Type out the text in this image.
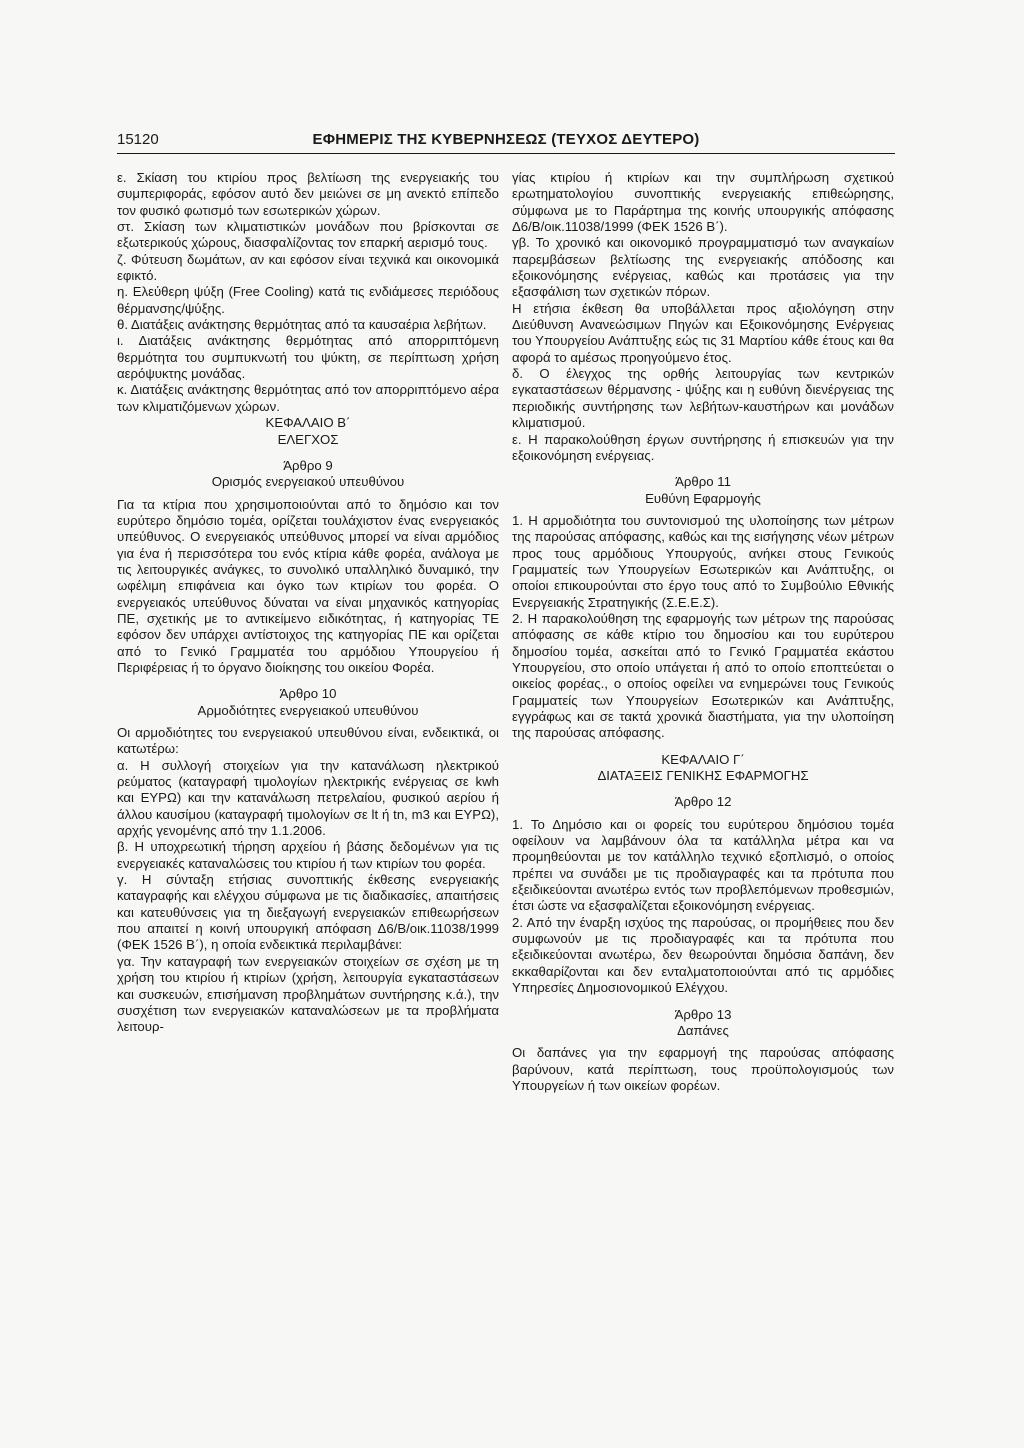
15120	ΕΦΗΜΕΡΙΣ ΤΗΣ ΚΥΒΕΡΝΗΣΕΩΣ (ΤΕΥΧΟΣ ΔΕΥΤΕΡΟ)

ε. Σκίαση του κτιρίου προς βελτίωση της ενεργειακής του συμπεριφοράς, εφόσον αυτό δεν μειώνει σε μη ανεκτό επίπεδο τον φυσικό φωτισμό των εσωτερικών χώρων.

στ. Σκίαση των κλιματιστικών μονάδων που βρίσκονται σε εξωτερικούς χώρους, διασφαλίζοντας τον επαρκή αερισμό τους.

ζ. Φύτευση δωμάτων, αν και εφόσον είναι τεχνικά και οικονομικά εφικτό.

η. Ελεύθερη ψύξη (Free Cooling) κατά τις ενδιάμεσες περιόδους θέρμανσης/ψύξης.

θ. Διατάξεις ανάκτησης θερμότητας από τα καυσαέρια λεβήτων.

ι. Διατάξεις ανάκτησης θερμότητας από απορριπτόμενη θερμότητα του συμπυκνωτή του ψύκτη, σε περίπτωση χρήση αερόψυκτης μονάδας.

κ. Διατάξεις ανάκτησης θερμότητας από τον απορριπτόμενο αέρα των κλιματιζόμενων χώρων.

ΚΕΦΑΛΑΙΟ Β΄

ΕΛΕΓΧΟΣ

Άρθρο 9

Ορισμός ενεργειακού υπευθύνου

Για τα κτίρια που χρησιμοποιούνται από το δημόσιο και τον ευρύτερο δημόσιο τομέα, ορίζεται τουλάχιστον ένας ενεργειακός υπεύθυνος. Ο ενεργειακός υπεύθυνος μπορεί να είναι αρμόδιος για ένα ή περισσότερα του ενός κτίρια κάθε φορέα, ανάλογα με τις λειτουργικές ανάγκες, το συνολικό υπαλληλικό δυναμικό, την ωφέλιμη επιφάνεια και όγκο των κτιρίων του φορέα. Ο ενεργειακός υπεύθυνος δύναται να είναι μηχανικός κατηγορίας ΠΕ, σχετικής με το αντικείμενο ειδικότητας, ή κατηγορίας ΤΕ εφόσον δεν υπάρχει αντίστοιχος της κατηγορίας ΠΕ και ορίζεται από το Γενικό Γραμματέα του αρμόδιου Υπουργείου ή Περιφέρειας ή το όργανο διοίκησης του οικείου Φορέα.

Άρθρο 10

Αρμοδιότητες ενεργειακού υπευθύνου

Οι αρμοδιότητες του ενεργειακού υπευθύνου είναι, ενδεικτικά, οι κατωτέρω:

α. Η συλλογή στοιχείων για την κατανάλωση ηλεκτρικού ρεύματος (καταγραφή τιμολογίων ηλεκτρικής ενέργειας σε kwh και ΕΥΡΩ) και την κατανάλωση πετρελαίου, φυσικού αερίου ή άλλου καυσίμου (καταγραφή τιμολογίων σε lt ή tn, m3 και ΕΥΡΩ), αρχής γενομένης από την 1.1.2006.

β. Η υποχρεωτική τήρηση αρχείου ή βάσης δεδομένων για τις ενεργειακές καταναλώσεις του κτιρίου ή των κτιρίων του φορέα.

γ. Η σύνταξη ετήσιας συνοπτικής έκθεσης ενεργειακής καταγραφής και ελέγχου σύμφωνα με τις διαδικασίες, απαιτήσεις και κατευθύνσεις για τη διεξαγωγή ενεργειακών επιθεωρήσεων που απαιτεί η κοινή υπουργική απόφαση Δ6/Β/οικ.11038/1999 (ΦΕΚ 1526 Β΄), η οποία ενδεικτικά περιλαμβάνει:

γα. Την καταγραφή των ενεργειακών στοιχείων σε σχέση με τη χρήση του κτιρίου ή κτιρίων (χρήση, λειτουργία εγκαταστάσεων και συσκευών, επισήμανση προβλημάτων συντήρησης κ.ά.), την συσχέτιση των ενεργειακών καταναλώσεων με τα προβλήματα λειτουρ-

γίας κτιρίου ή κτιρίων και την συμπλήρωση σχετικού ερωτηματολογίου συνοπτικής ενεργειακής επιθεώρησης, σύμφωνα με το Παράρτημα της κοινής υπουργικής απόφασης Δ6/Β/οικ.11038/1999 (ΦΕΚ 1526 Β΄).

γβ. Το χρονικό και οικονομικό προγραμματισμό των αναγκαίων παρεμβάσεων βελτίωσης της ενεργειακής απόδοσης και εξοικονόμησης ενέργειας, καθώς και προτάσεις για την εξασφάλιση των σχετικών πόρων.

Η ετήσια έκθεση θα υποβάλλεται προς αξιολόγηση στην Διεύθυνση Ανανεώσιμων Πηγών και Εξοικονόμησης Ενέργειας του Υπουργείου Ανάπτυξης εώς τις 31 Μαρτίου κάθε έτους και θα αφορά το αμέσως προηγούμενο έτος.

δ. Ο έλεγχος της ορθής λειτουργίας των κεντρικών εγκαταστάσεων θέρμανσης - ψύξης και η ευθύνη διενέργειας της περιοδικής συντήρησης των λεβήτων-καυστήρων και μονάδων κλιματισμού.

ε. Η παρακολούθηση έργων συντήρησης ή επισκευών για την εξοικονόμηση ενέργειας.

Άρθρο 11

Ευθύνη Εφαρμογής

1. Η αρμοδιότητα του συντονισμού της υλοποίησης των μέτρων της παρούσας απόφασης, καθώς και της εισήγησης νέων μέτρων προς τους αρμόδιους Υπουργούς, ανήκει στους Γενικούς Γραμματείς των Υπουργείων Εσωτερικών και Ανάπτυξης, οι οποίοι επικουρούνται στο έργο τους από το Συμβούλιο Εθνικής Ενεργειακής Στρατηγικής (Σ.Ε.Ε.Σ).

2. Η παρακολούθηση της εφαρμογής των μέτρων της παρούσας απόφασης σε κάθε κτίριο του δημοσίου και του ευρύτερου δημοσίου τομέα, ασκείται από το Γενικό Γραμματέα εκάστου Υπουργείου, στο οποίο υπάγεται ή από το οποίο εποπτεύεται ο οικείος φορέας., ο οποίος οφείλει να ενημερώνει τους Γενικούς Γραμματείς των Υπουργείων Εσωτερικών και Ανάπτυξης, εγγράφως και σε τακτά χρονικά διαστήματα, για την υλοποίηση της παρούσας απόφασης.

ΚΕΦΑΛΑΙΟ Γ΄

ΔΙΑΤΑΞΕΙΣ ΓΕΝΙΚΗΣ ΕΦΑΡΜΟΓΗΣ

Άρθρο 12

1. Το Δημόσιο και οι φορείς του ευρύτερου δημόσιου τομέα οφείλουν να λαμβάνουν όλα τα κατάλληλα μέτρα και να προμηθεύονται με τον κατάλληλο τεχνικό εξοπλισμό, ο οποίος πρέπει να συνάδει με τις προδιαγραφές και τα πρότυπα που εξειδικεύονται ανωτέρω εντός των προβλεπόμενων προθεσμιών, έτσι ώστε να εξασφαλίζεται εξοικονόμηση ενέργειας.

2. Από την έναρξη ισχύος της παρούσας, οι προμήθειες που δεν συμφωνούν με τις προδιαγραφές και τα πρότυπα που εξειδικεύονται ανωτέρω, δεν θεωρούνται δημόσια δαπάνη, δεν εκκαθαρίζονται και δεν ενταλματοποιούνται από τις αρμόδιες Υπηρεσίες Δημοσιονομικού Ελέγχου.

Άρθρο 13

Δαπάνες

Οι δαπάνες για την εφαρμογή της παρούσας απόφασης βαρύνουν, κατά περίπτωση, τους προϋπολογισμούς των Υπουργείων ή των οικείων φορέων.
